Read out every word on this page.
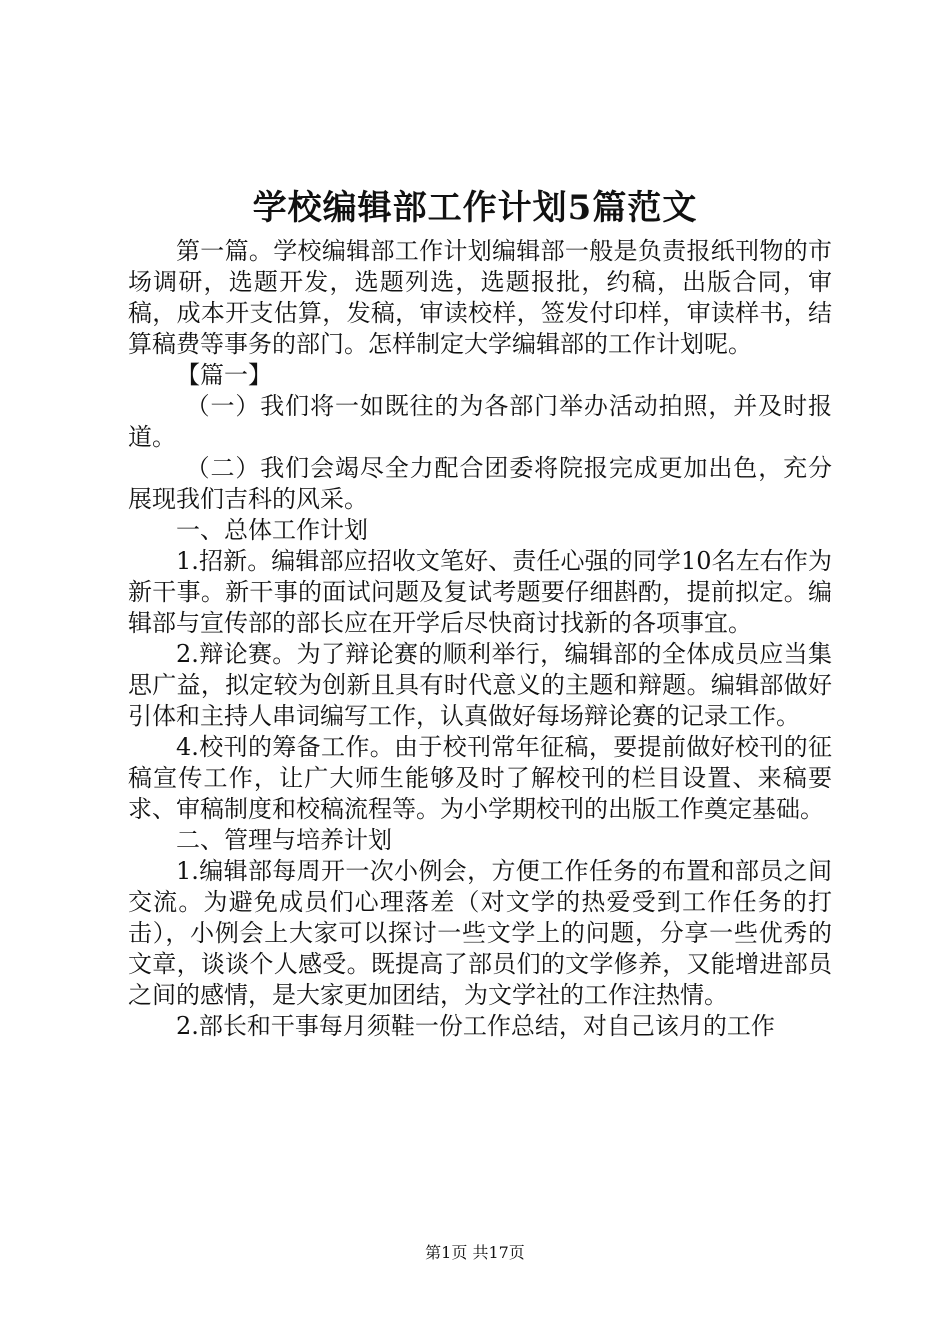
学校编辑部工作计划5篇范文

第一篇。学校编辑部工作计划编辑部一般是负责报纸刊物的市场调研，选题开发，选题列选，选题报批，约稿，出版合同，审稿，成本开支估算，发稿，审读校样，签发付印样，审读样书，结算稿费等事务的部门。怎样制定大学编辑部的工作计划呢。

【篇一】

（一）我们将一如既往的为各部门举办活动拍照，并及时报道。

（二）我们会竭尽全力配合团委将院报完成更加出色，充分展现我们吉科的风采。

一、总体工作计划

1.招新。编辑部应招收文笔好、责任心强的同学10名左右作为新干事。新干事的面试问题及复试考题要仔细斟酌，提前拟定。编辑部与宣传部的部长应在开学后尽快商讨找新的各项事宜。

2.辩论赛。为了辩论赛的顺利举行，编辑部的全体成员应当集思广益，拟定较为创新且具有时代意义的主题和辩题。编辑部做好引体和主持人串词编写工作，认真做好每场辩论赛的记录工作。

4.校刊的筹备工作。由于校刊常年征稿，要提前做好校刊的征稿宣传工作，让广大师生能够及时了解校刊的栏目设置、来稿要求、审稿制度和校稿流程等。为小学期校刊的出版工作奠定基础。

二、管理与培养计划

1.编辑部每周开一次小例会，方便工作任务的布置和部员之间交流。为避免成员们心理落差（对文学的热爱受到工作任务的打击），小例会上大家可以探讨一些文学上的问题，分享一些优秀的文章，谈谈个人感受。既提高了部员们的文学修养，又能增进部员之间的感情，是大家更加团结，为文学社的工作注热情。

2.部长和干事每月须鞋一份工作总结，对自己该月的工作

第1页 共17页
